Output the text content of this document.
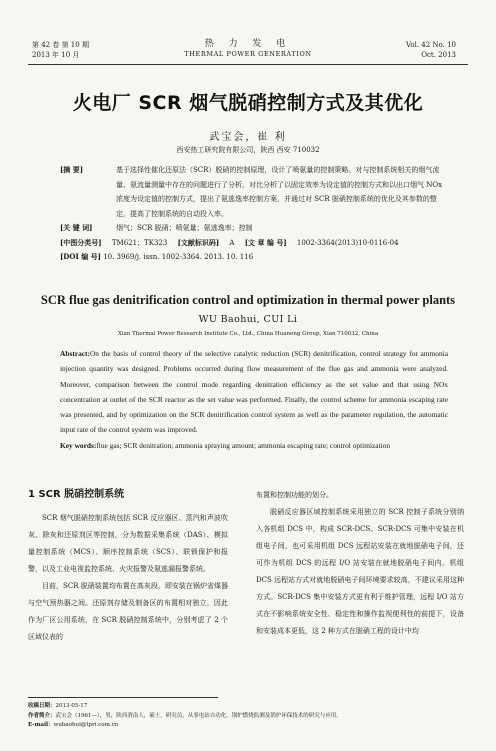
第 42 卷 第 10 期
2013 年 10 月
热 力 发 电
THERMAL POWER GENERATION
Vol. 42 No. 10
Oct. 2013
火电厂 SCR 烟气脱硝控制方式及其优化
武宝会，崔 利
西安热工研究院有限公司，陕西 西安 710032
[摘 要]	基于选择性催化还原法（SCR）脱硝的控制原理，设计了喷氨量的控制策略。对与控制系统相关的烟气流量、氨流量测量中存在的问题进行了分析，对比分析了以固定效率为设定值的控制方式和以出口烟气 NOx 浓度为设定值的控制方式，提出了氨逃逸率控制方案，并通过对 SCR 脱硝控制系统的优化及其参数的整定，提高了控制系统的自动投入率。
[关 键 词]	烟气；SCR 脱硝；喷氨量；氨逃逸率；控制
[中图分类号] TM621；TK323 [文献标识码] A [文 章 编 号] 1002-3364(2013)10-0116-04
[DOI 编 号] 10. 3969/j. issn. 1002-3364. 2013. 10. 116
SCR flue gas denitrification control and optimization in thermal power plants
WU Baohui, CUI Li
Xian Thermal Power Research Institute Co., Ltd., China Huaneng Group, Xian 710032, China
Abstract:On the basis of control theory of the selective catalytic reduction (SCR) denitrification, control strategy for ammonia injection quantity was designed. Problems occurred during flow measurement of the flue gas and ammonia were analyzed. Moreover, comparison between the control mode regarding denitration efficiency as the set value and that using NOx concentration at outlet of the SCR reactor as the set value was performed. Finally, the control scheme for ammonia escaping rate was presented, and by optimization on the SCR denitrification control system as well as the parameter regulation, the automatic input rate of the control system was improved.
Key words:flue gas; SCR denitration; ammonia spraying amount; ammonia escaping rate; control optimization
1 SCR 脱硝控制系统

SCR 烟气脱硝控制系统包括 SCR 反应器区、蒸汽和声波吹灰、除灰和还原剂区等控制，分为数据采集系统（DAS）、模拟量控制系统（MCS）、顺序控制系统（SCS）、联锁保护和报警，以及工业电视监控系统、火灾报警及氨逃漏报警系统。

目前，SCR 脱硝装置均布置在高灰段，即安装在锅炉省煤器与空气预热器之间。还原剂存储及制备区的布置相对独立，因此作为厂区公用系统，在 SCR 脱硝控制系统中，分别考虑了 2 个区域仪表的

布置和控制功能的划分。

脱硝反应器区域控制系统采用独立的 SCR 控制子系统分别纳入各机组 DCS 中，构成 SCR-DCS。SCR-DCS 可集中安装在机组电子间，也可采用机组 DCS 远程站安装在就地脱硝电子间，还可作为机组 DCS 的远程 I/O 站安装在就地脱硝电子间内。机组 DCS 远程站方式对就地脱硝电子间环境要求较高，不建议采用这种方式。SCR-DCS 集中安装方式更有利于维护管理，远程 I/O 站方式在不影响系统安全性、稳定性和操作监视便利性的前提下，设备和安装成本更低，这 2 种方式在脱硝工程的设计中均

收稿日期：2013-05-17
作者简介：武宝会（1961—），男，陕西渭南人，硕士，研究员，从事电站自动化、锅炉燃烧监测及锅炉环保技术的研究与应用。
E-mail：wubaohui@tpri.com.cn
